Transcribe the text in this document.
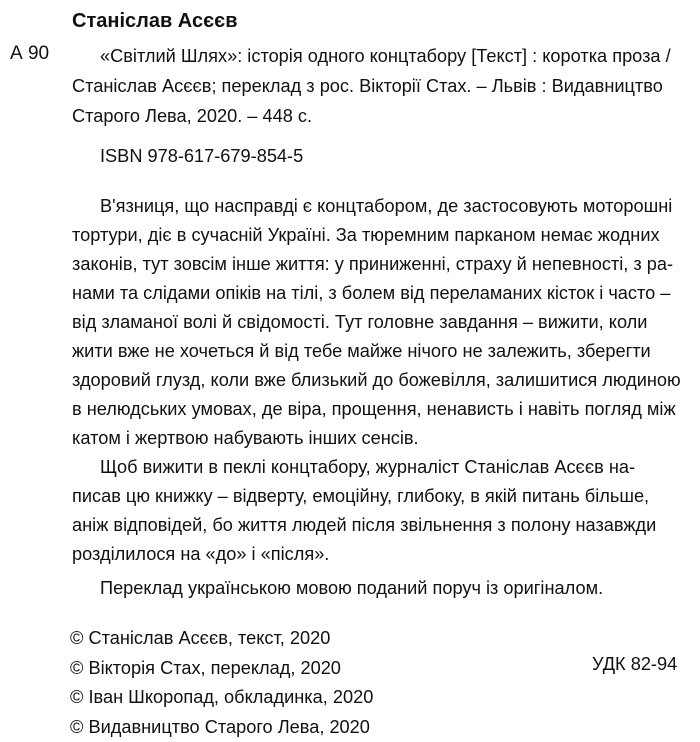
Станіслав Асєєв
А 90	«Світлий Шлях»: історія одного концтабору [Текст] : коротка проза /
Станіслав Асєєв; переклад з рос. Вікторії Стах. – Львів : Видавництво
Старого Лева, 2020. – 448 с.
ISBN 978-617-679-854-5
В'язниця, що насправді є концтабором, де застосовують моторошні
тортури, діє в сучасній Україні. За тюремним парканом немає жодних
законів, тут зовсім інше життя: у приниженні, страху й непевності, з ра-
нами та слідами опіків на тілі, з болем від переламаних кісток і часто –
від зламаної волі й свідомості. Тут головне завдання – вижити, коли
жити вже не хочеться й від тебе майже нічого не залежить, зберегти
здоровий глузд, коли вже близький до божевілля, залишитися людиною
в нелюдських умовах, де віра, прощення, ненависть і навіть погляд між
катом і жертвою набувають інших сенсів.
Щоб вижити в пеклі концтабору, журналіст Станіслав Асєєв на-
писав цю книжку – відверту, емоційну, глибоку, в якій питань більше,
аніж відповідей, бо життя людей після звільнення з полону назавжди
розділилося на «до» і «після».
Переклад українською мовою поданий поруч із оригіналом.
© Станіслав Асєєв, текст, 2020
© Вікторія Стах, переклад, 2020
© Іван Шкоропад, обкладинка, 2020
© Видавництво Старого Лева, 2020
УДК 82-94
